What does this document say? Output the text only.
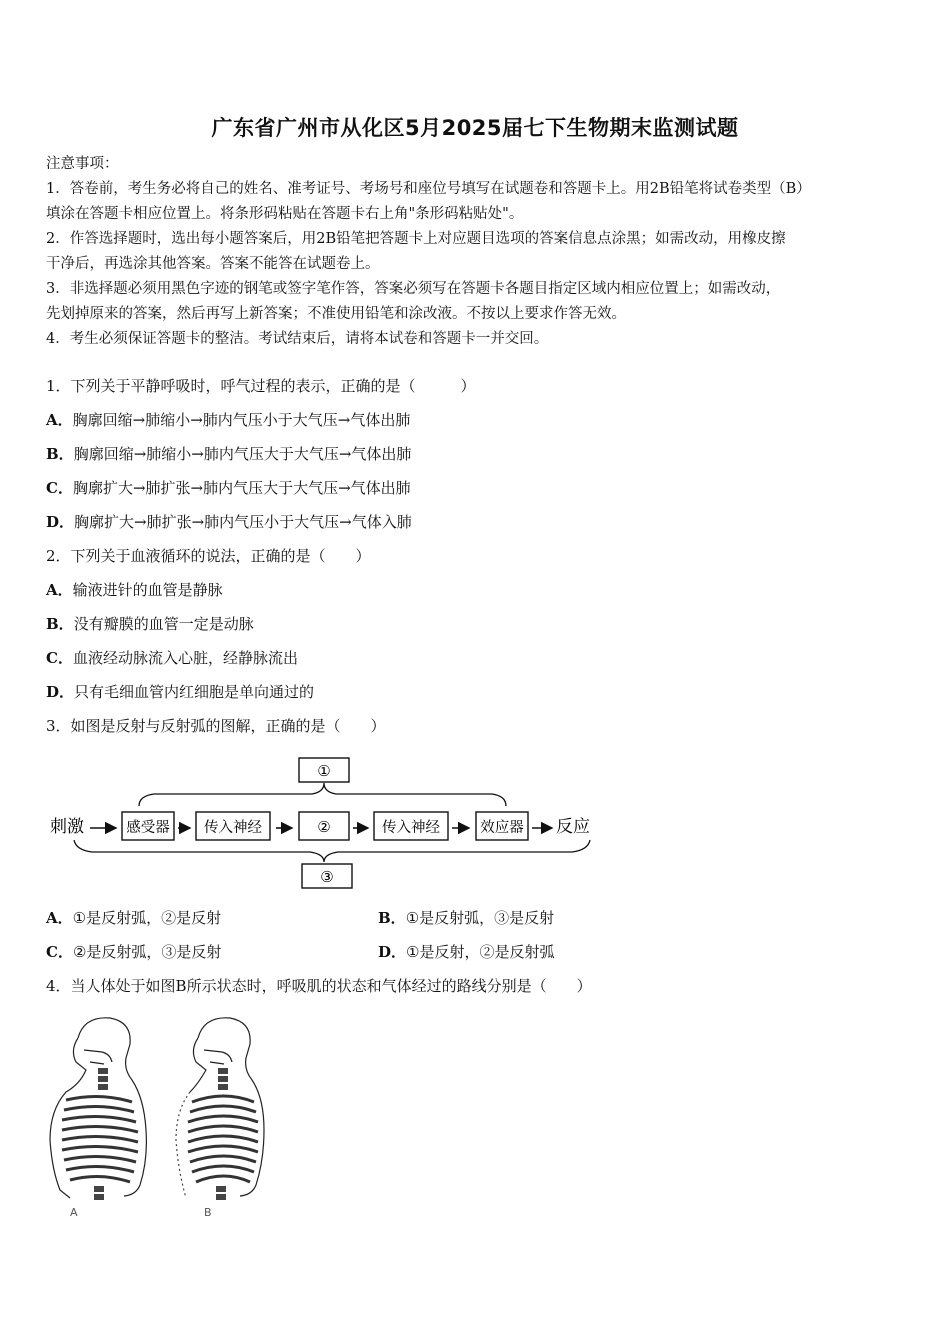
广东省广州市从化区5月2025届七下生物期末监测试题
注意事项：
1．答卷前，考生务必将自己的姓名、准考证号、考场号和座位号填写在试题卷和答题卡上。用2B铅笔将试卷类型（B）
填涂在答题卡相应位置上。将条形码粘贴在答题卡右上角"条形码粘贴处"。
2．作答选择题时，选出每小题答案后，用2B铅笔把答题卡上对应题目选项的答案信息点涂黑；如需改动，用橡皮擦
干净后，再选涂其他答案。答案不能答在试题卷上。
3．非选择题必须用黑色字迹的钢笔或签字笔作答，答案必须写在答题卡各题目指定区域内相应位置上；如需改动，
先划掉原来的答案，然后再写上新答案；不准使用铅笔和涂改液。不按以上要求作答无效。
4．考生必须保证答题卡的整洁。考试结束后，请将本试卷和答题卡一并交回。
1．下列关于平静呼吸时，呼气过程的表示，正确的是（　　　）
A．胸廓回缩→肺缩小→肺内气压小于大气压→气体出肺
B．胸廓回缩→肺缩小→肺内气压大于大气压→气体出肺
C．胸廓扩大→肺扩张→肺内气压大于大气压→气体出肺
D．胸廓扩大→肺扩张→肺内气压小于大气压→气体入肺
2．下列关于血液循环的说法，正确的是（　　）
A．输液进针的血管是静脉
B．没有瓣膜的血管一定是动脉
C．血液经动脉流入心脏，经静脉流出
D．只有毛细血管内红细胞是单向通过的
3．如图是反射与反射弧的图解，正确的是（　　）
①
刺激	感受器 传入神经	②	传入神经	效应器 反应
③
A．①是反射弧，②是反射	B．①是反射弧，③是反射
C．②是反射弧，③是反射	D．①是反射，②是反射弧
4．当人体处于如图B所示状态时，呼吸肌的状态和气体经过的路线分别是（　　）
A	B
